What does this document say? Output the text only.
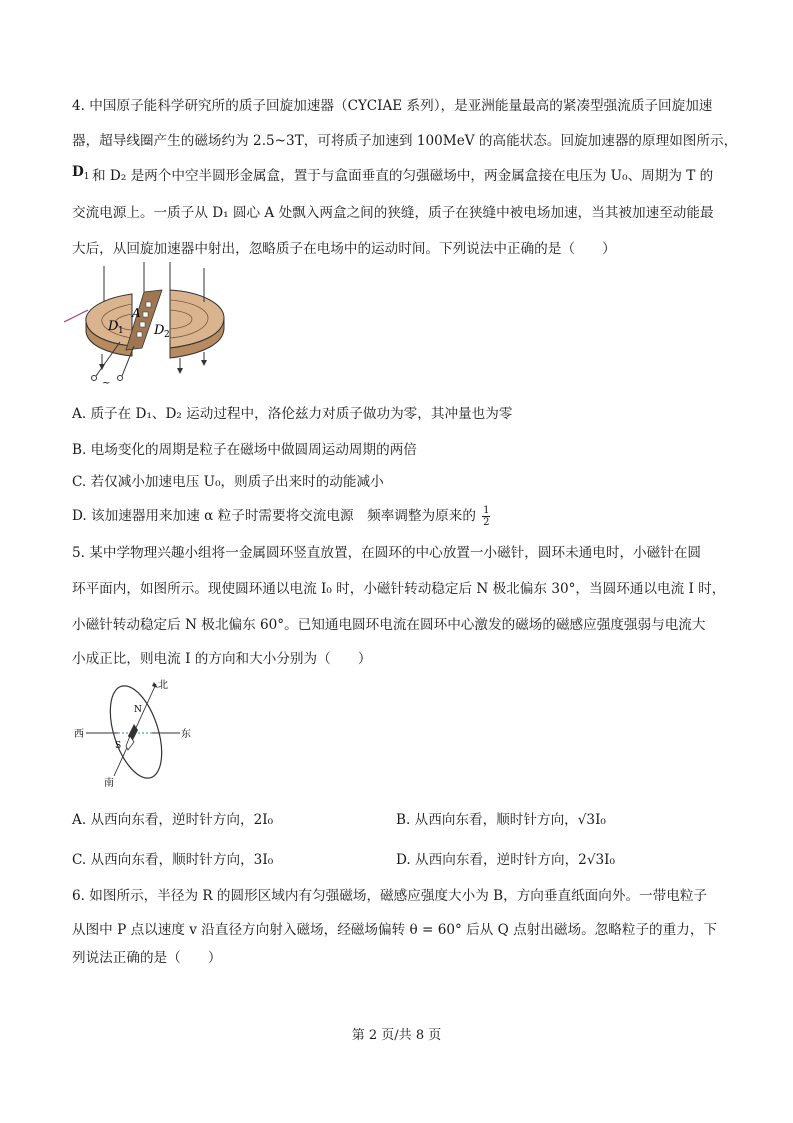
4. 中国原子能科学研究所的质子回旋加速器（CYCIAE 系列），是亚洲能量最高的紧凑型强流质子回旋加速
器，超导线圈产生的磁场约为 2.5~3T，可将质子加速到 100MeV 的高能状态。回旋加速器的原理如图所示，
$D_1$ 和 D₂ 是两个中空半圆形金属盒，置于与盒面垂直的匀强磁场中，两金属盒接在电压为 U₀、周期为 T 的
交流电源上。一质子从 D₁ 圆心 A 处飘入两盒之间的狭缝，质子在狭缝中被电场加速，当其被加速至动能最
大后，从回旋加速器中射出，忽略质子在电场中的运动时间。下列说法中正确的是（　　）
~
A
D 1 D 2
A. 质子在 D₁、D₂ 运动过程中，洛伦兹力对质子做功为零，其冲量也为零
B. 电场变化的周期是粒子在磁场中做圆周运动周期的两倍
C. 若仅减小加速电压 U₀，则质子出来时的动能减小
D. 该加速器用来加速 α 粒子时需要将交流电源　频率调整为原来的 $\frac{1}{2}$
5. 某中学物理兴趣小组将一金属圆环竖直放置，在圆环的中心放置一小磁针，圆环未通电时，小磁针在圆
环平面内，如图所示。现使圆环通以电流 I₀ 时，小磁针转动稳定后 N 极北偏东 30°，当圆环通以电流 I 时，
小磁针转动稳定后 N 极北偏东 60°。已知通电圆环电流在圆环中心激发的磁场的磁感应强度强弱与电流大
小成正比，则电流 I 的方向和大小分别为（　　）
北
南
西	东
N
S
A. 从西向东看，逆时针方向，2I₀	B. 从西向东看，顺时针方向，√3I₀
C. 从西向东看，顺时针方向，3I₀	D. 从西向东看，逆时针方向，2√3I₀
6. 如图所示，半径为 R 的圆形区域内有匀强磁场，磁感应强度大小为 B，方向垂直纸面向外。一带电粒子
从图中 P 点以速度 v 沿直径方向射入磁场，经磁场偏转 θ = 60° 后从 Q 点射出磁场。忽略粒子的重力，下
列说法正确的是（　　）
第 2 页/共 8 页
